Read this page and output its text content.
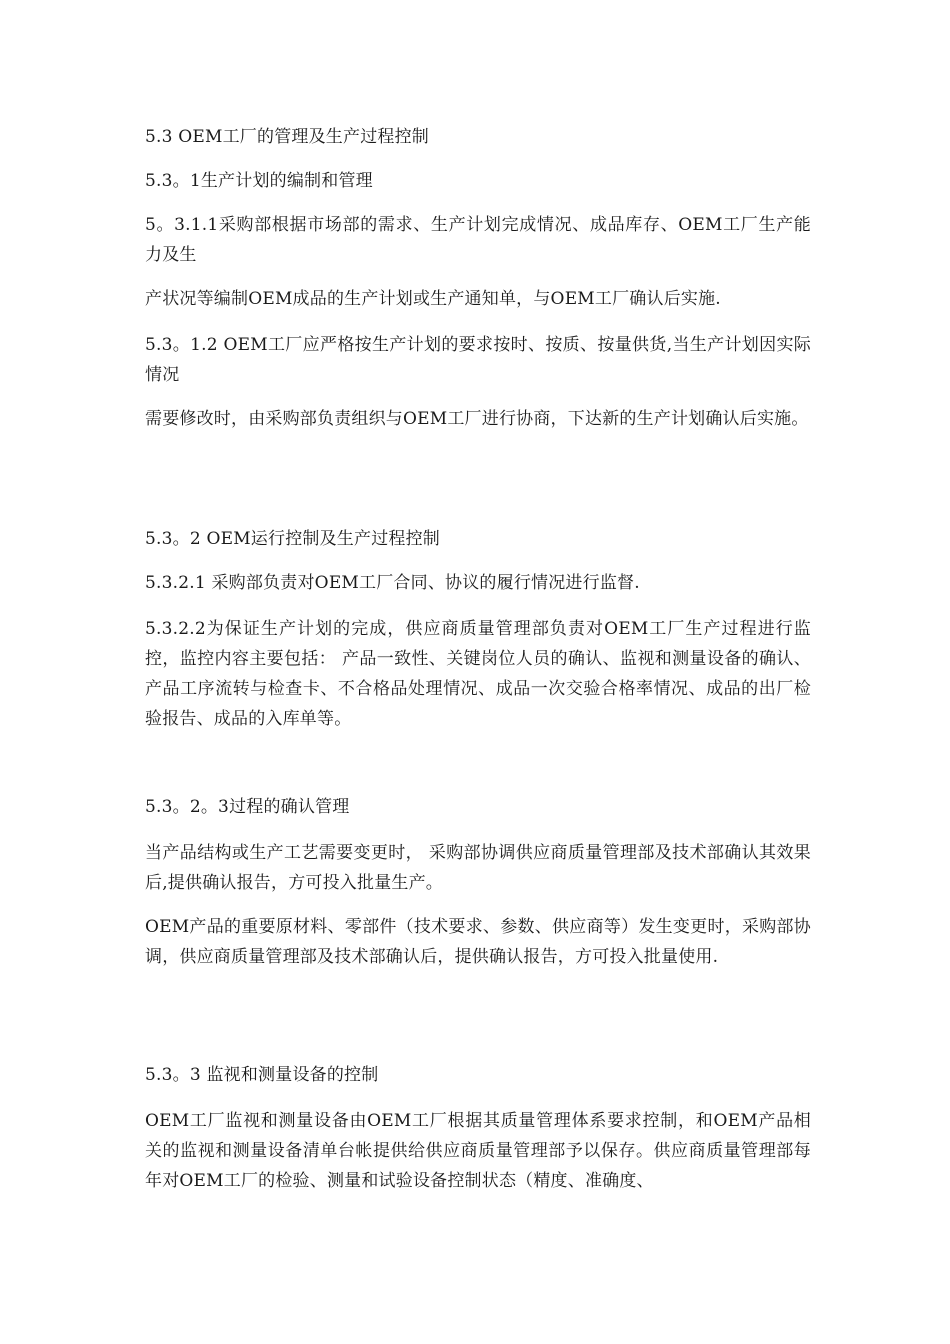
5.3 OEM工厂的管理及生产过程控制

5.3。1生产计划的编制和管理

5。3.1.1采购部根据市场部的需求、生产计划完成情况、成品库存、OEM工厂生产能力及生

产状况等编制OEM成品的生产计划或生产通知单，与OEM工厂确认后实施.

5.3。1.2 OEM工厂应严格按生产计划的要求按时、按质、按量供货,当生产计划因实际情况

需要修改时，由采购部负责组织与OEM工厂进行协商，下达新的生产计划确认后实施。

5.3。2 OEM运行控制及生产过程控制

5.3.2.1 采购部负责对OEM工厂合同、协议的履行情况进行监督.

5.3.2.2为保证生产计划的完成，供应商质量管理部负责对OEM工厂生产过程进行监控，监控内容主要包括： 产品一致性、关键岗位人员的确认、监视和测量设备的确认、产品工序流转与检查卡、不合格品处理情况、成品一次交验合格率情况、成品的出厂检验报告、成品的入库单等。

5.3。2。3过程的确认管理

当产品结构或生产工艺需要变更时， 采购部协调供应商质量管理部及技术部确认其效果后,提供确认报告，方可投入批量生产。

OEM产品的重要原材料、零部件（技术要求、参数、供应商等）发生变更时，采购部协调，供应商质量管理部及技术部确认后，提供确认报告，方可投入批量使用.

5.3。3 监视和测量设备的控制

OEM工厂监视和测量设备由OEM工厂根据其质量管理体系要求控制，和OEM产品相关的监视和测量设备清单台帐提供给供应商质量管理部予以保存。供应商质量管理部每年对OEM工厂的检验、测量和试验设备控制状态（精度、准确度、
